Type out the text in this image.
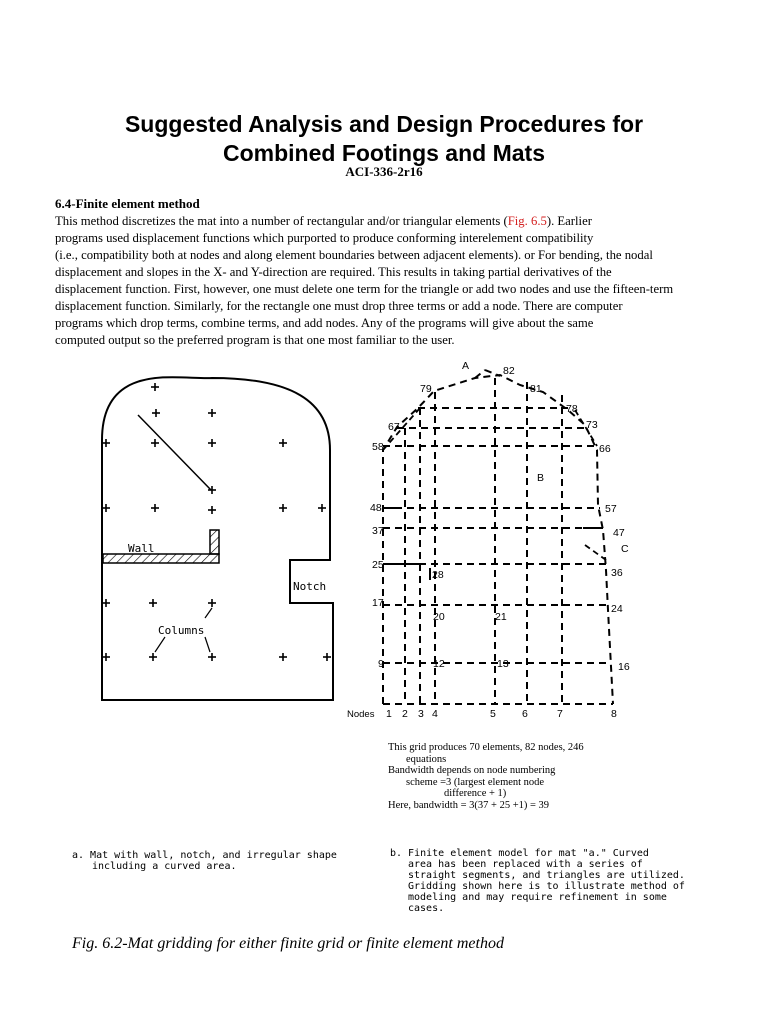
Suggested Analysis and Design Procedures for
Combined Footings and Mats
ACI-336-2r16
6.4-Finite element method
This method discretizes the mat into a number of rectangular and/or triangular elements (Fig. 6.5). Earlier
programs used displacement functions which purported to produce conforming interelement compatibility
(i.e., compatibility both at nodes and along element boundaries between adjacent elements). or For bending, the nodal
displacement and slopes in the X- and Y-direction are required. This results in taking partial derivatives of the
displacement function. First, however, one must delete one term for the triangle or add two nodes and use the fifteen-term
displacement function. Similarly, for the rectangle one must drop three terms or add a node. There are computer
programs which drop terms, combine terms, and add nodes. Any of the programs will give about the same
computed output so the preferred program is that one most familiar to the user.
Wall
Notch
Columns
A	82
79	81
67
78
73
58	66
B
48	57
37	47
C
25
28	36
17	24
20	21
9	12	13	16
Nodes 1 2 3 4	5 6	7	8
This grid produces 70 elements, 82 nodes, 246
equations
Bandwidth depends on node numbering
scheme =3 (largest element node
difference + 1)
Here, bandwidth = 3(37 + 25 +1) = 39
a. Mat with wall, notch, and irregular shape
including a curved area.
b. Finite element model for mat "a." Curved
area has been replaced with a series of
straight segments, and triangles are utilized.
Gridding shown here is to illustrate method of
modeling and may require refinement in some
cases.
Fig. 6.2-Mat gridding for either finite grid or finite element method
